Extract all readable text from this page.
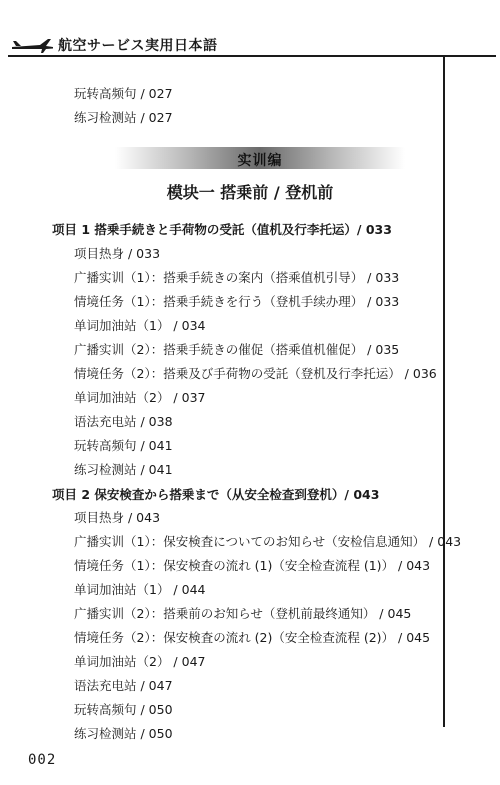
航空サービス実用日本語
玩转高频句 / 027
练习检测站 / 027
实训编
模块一 搭乗前 / 登机前
项目 1 搭乗手続きと手荷物の受託（值机及行李托运）/ 033
项目热身 / 033
广播实训（1）：搭乗手続きの案内（搭乘值机引导） / 033
情境任务（1）：搭乗手続きを行う（登机手续办理） / 033
单词加油站（1） / 034
广播实训（2）：搭乗手続きの催促（搭乘值机催促） / 035
情境任务（2）：搭乗及び手荷物の受託（登机及行李托运） / 036
单词加油站（2） / 037
语法充电站 / 038
玩转高频句 / 041
练习检测站 / 041
项目 2 保安検査から搭乗まで（从安全检查到登机）/ 043
项目热身 / 043
广播实训（1）：保安検査についてのお知らせ（安检信息通知） / 043
情境任务（1）：保安検査の流れ (1)（安全检查流程 (1)） / 043
单词加油站（1） / 044
广播实训（2）：搭乗前のお知らせ（登机前最终通知） / 045
情境任务（2）：保安検査の流れ (2)（安全检查流程 (2)） / 045
单词加油站（2） / 047
语法充电站 / 047
玩转高频句 / 050
练习检测站 / 050
002
